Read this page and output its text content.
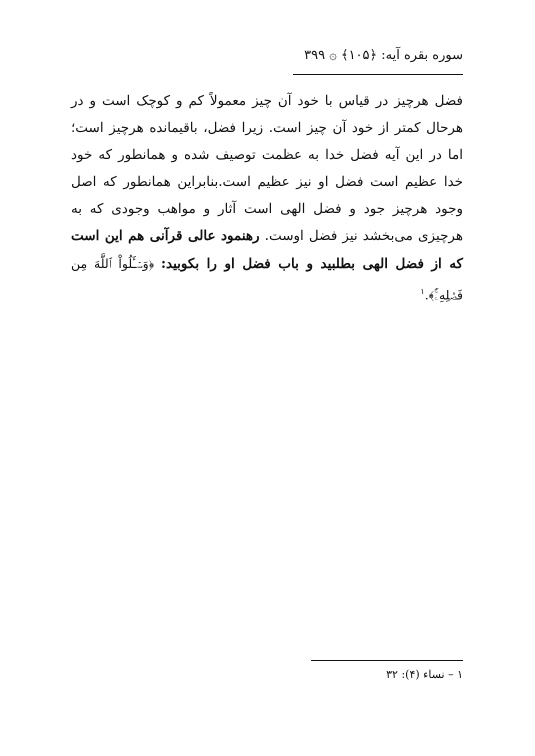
سوره بقره آیه: ﴿۱۰۵﴾ ۞ ۳۹۹

فضل هرچیز در قیاس با خود آن چیز معمولاً کم و کوچک است و در هرحال کمتر از خود آن چیز است. زیرا فضل، باقیمانده هرچیز است؛ اما در این آیه فضل خدا به عظمت توصیف شده و همانطور که خود خدا عظیم است فضل او نیز عظیم است.بنابراین همانطور که اصل وجود هرچیز جود و فضل الهی است آثار و مواهب وجودی که به هرچیزی می‌بخشد نیز فضل اوست. رهنمود عالی قرآنی هم این است که از فضل الهی بطلبید و باب فضل او را بکوبید: ﴿وَسۡـَٔلُواْ ٱللَّهَ مِن فَضۡلِهِۦٓۚ﴾.$^۱$

۱ – نساء (۴): ۳۲
